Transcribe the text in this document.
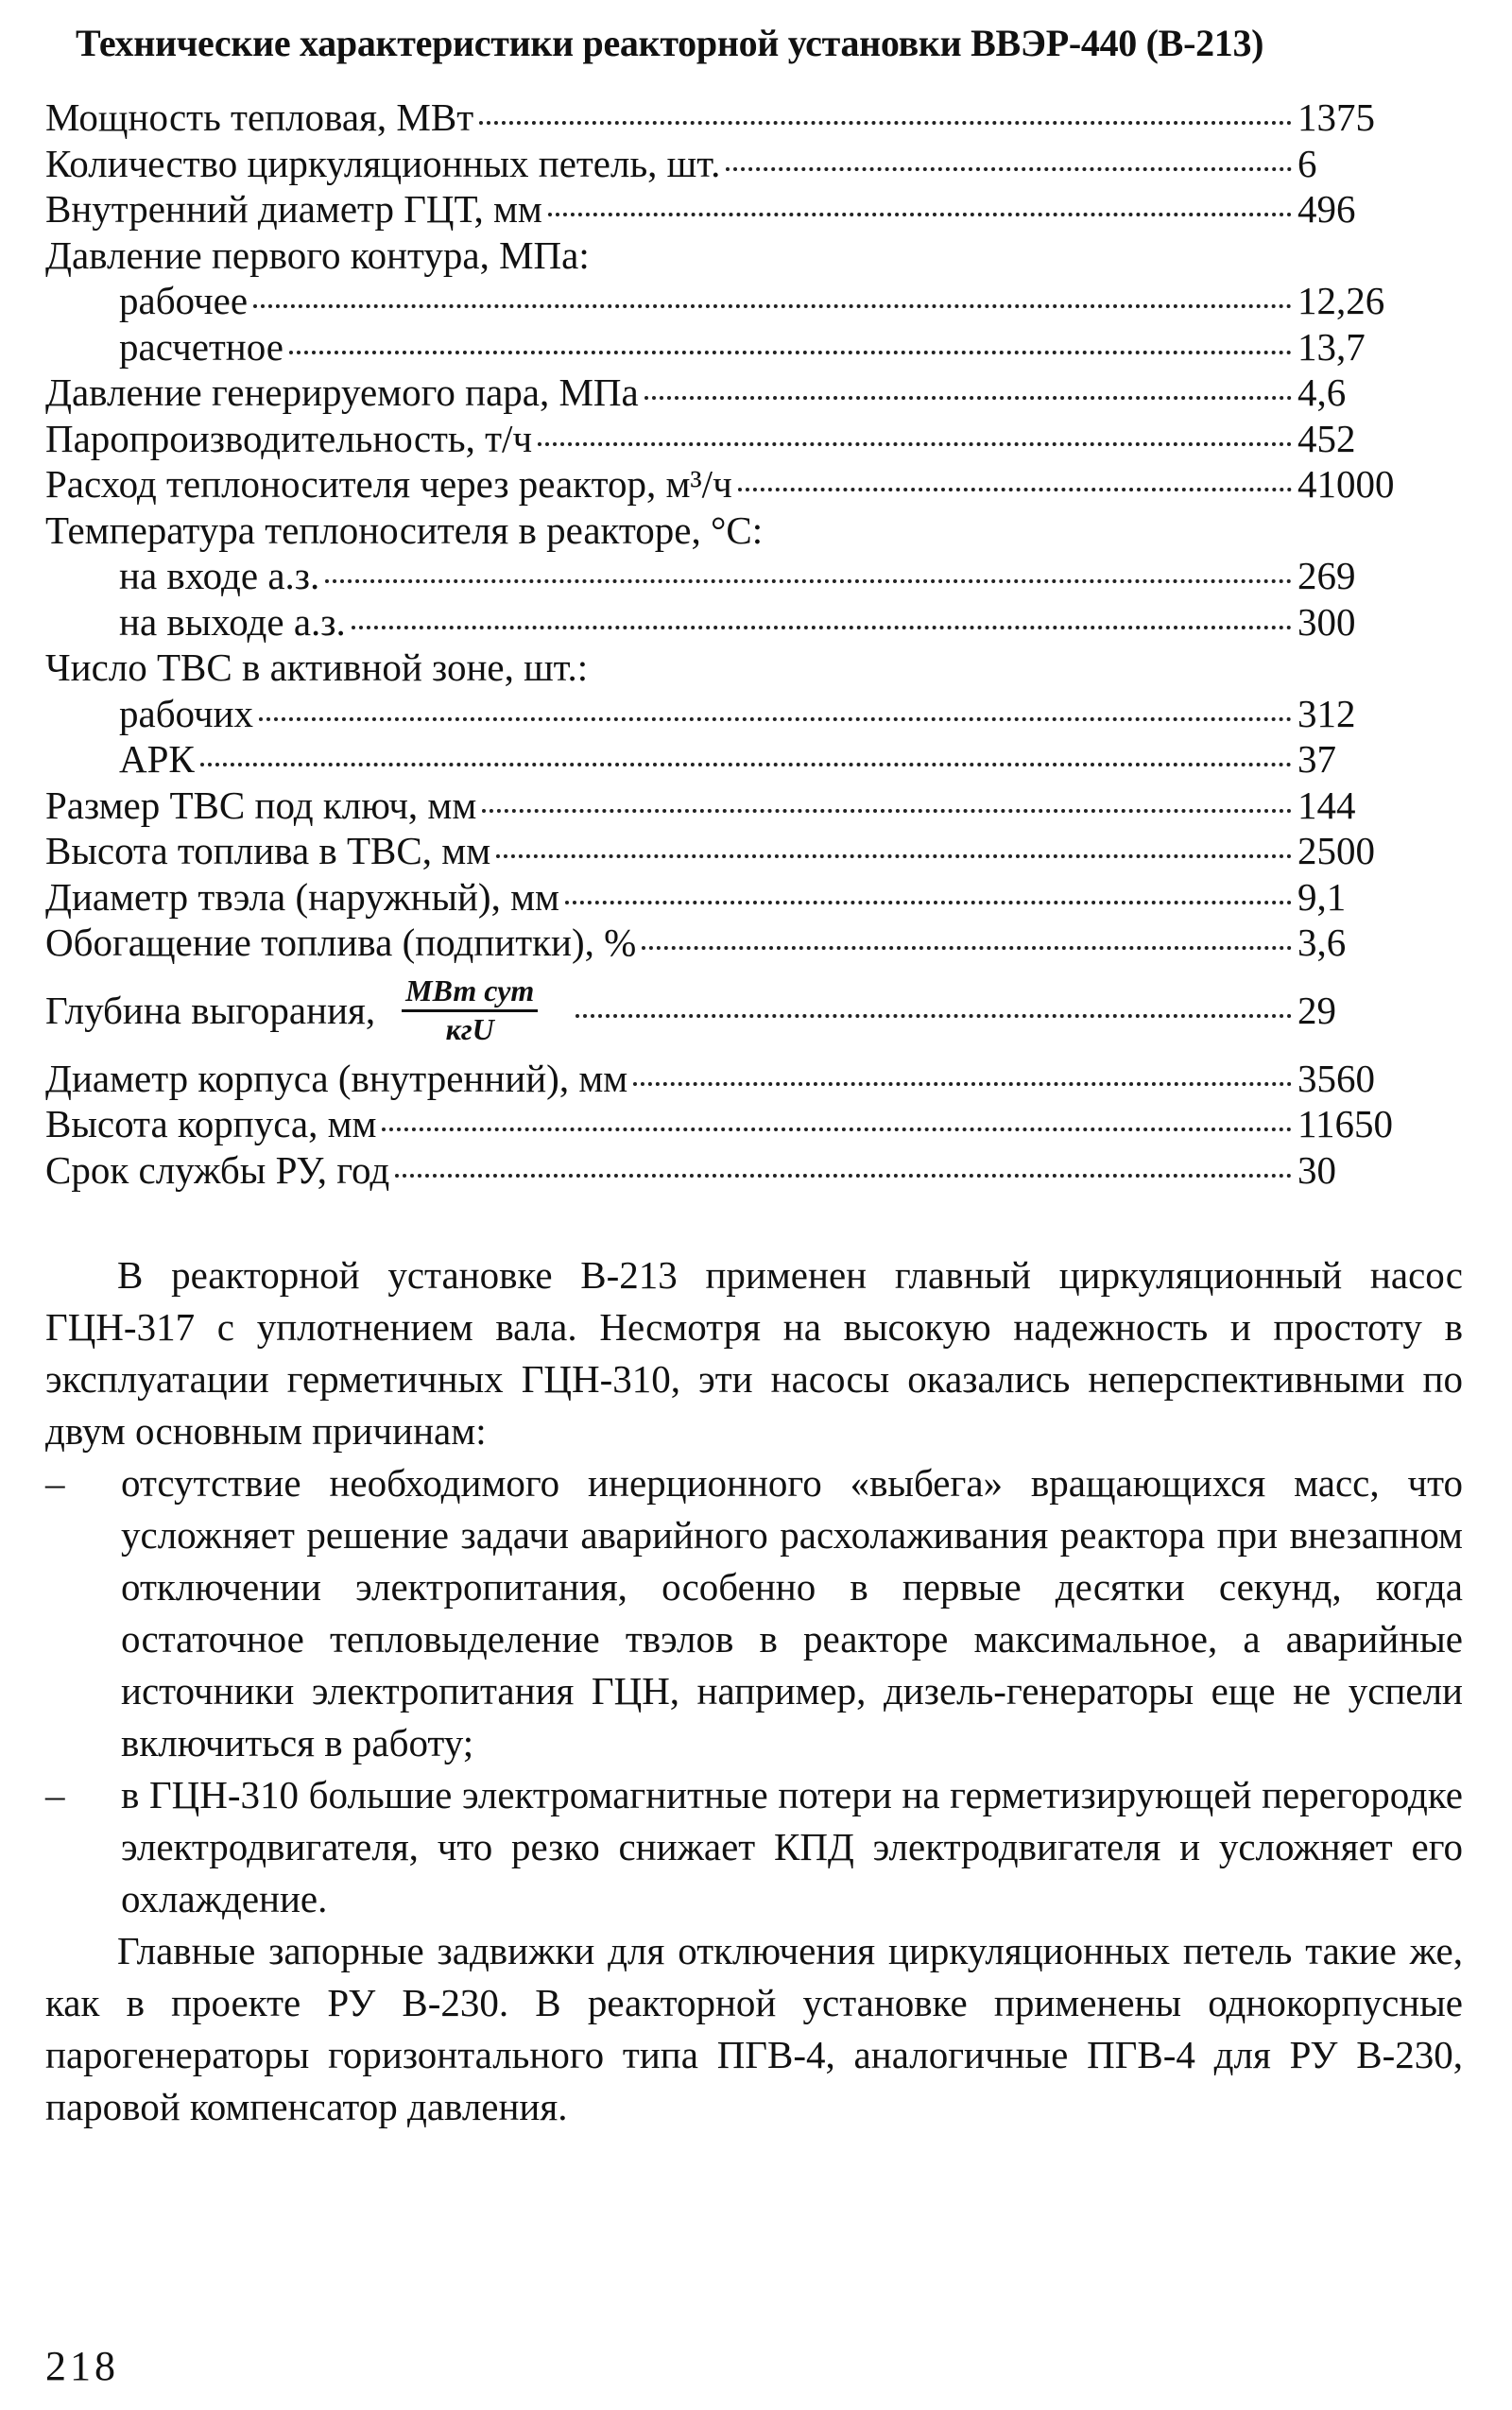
Технические характеристики реакторной установки ВВЭР-440 (В-213)
Мощность тепловая, МВт	1375
Количество циркуляционных петель, шт.	6
Внутренний диаметр ГЦТ, мм	496
Давление первого контура, МПа:
рабочее	12,26
расчетное	13,7
Давление генерируемого пара, МПа	4,6
Паропроизводительность, т/ч	452
Расход теплоносителя через реактор, м³/ч	41000
Температура теплоносителя в реакторе, °С:
на входе а.з.	269
на выходе а.з.	300
Число ТВС в активной зоне, шт.:
рабочих	312
АРК	37
Размер ТВС под ключ, мм	144
Высота топлива в ТВС, мм	2500
Диаметр твэла (наружный), мм	9,1
Обогащение топлива (подпитки), %	3,6
Глубина выгорания, $\frac{\text{МВт сут}}{\text{кгU}}$	29
Диаметр корпуса (внутренний), мм	3560
Высота корпуса, мм	11650
Срок службы РУ, год	30

В реакторной установке В-213 применен главный циркуляционный насос ГЦН-317 с уплотнением вала. Несмотря на высокую надежность и простоту в эксплуатации герметичных ГЦН-310, эти насосы оказались неперспективными по двум основным причинам:

–	отсутствие необходимого инерционного «выбега» вращающихся масс, что усложняет решение задачи аварийного расхолаживания реактора при внезапном отключении электропитания, особенно в первые десятки секунд, когда остаточное тепловыделение твэлов в реакторе максимальное, а аварийные источники электропитания ГЦН, например, дизель-генераторы еще не успели включиться в работу;
–	в ГЦН-310 большие электромагнитные потери на герметизирующей перегородке электродвигателя, что резко снижает КПД электродвигателя и усложняет его охлаждение.

Главные запорные задвижки для отключения циркуляционных петель такие же, как в проекте РУ В-230. В реакторной установке применены однокорпусные парогенераторы горизонтального типа ПГВ-4, аналогичные ПГВ-4 для РУ В-230, паровой компенсатор давления.

218
